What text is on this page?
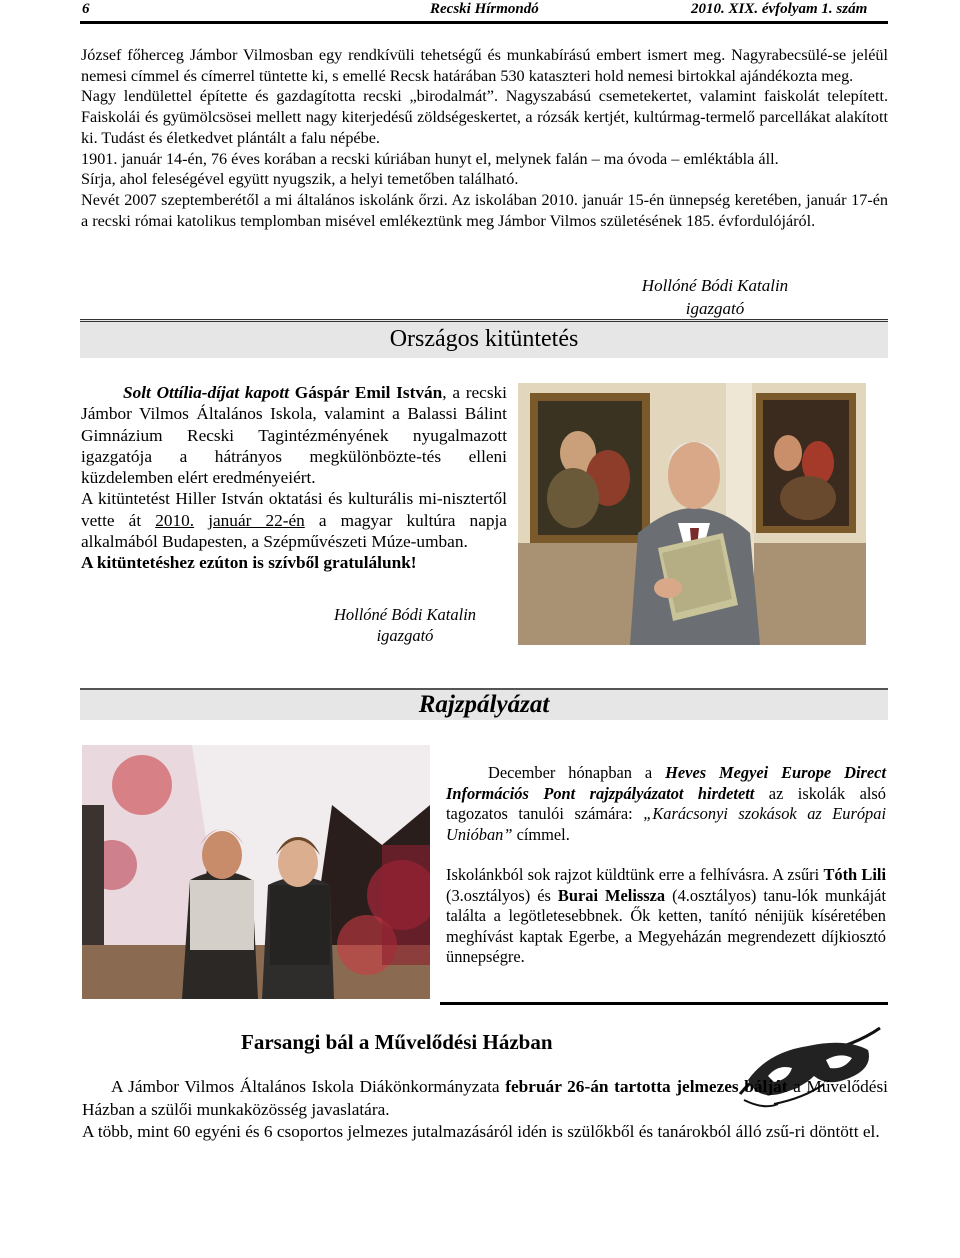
6	Recski Hírmondó	2010. XIX. évfolyam 1. szám

József főherceg Jámbor Vilmosban egy rendkívüli tehetségű és munkabírású embert ismert meg. Nagyrabecsülé-se jeléül nemesi címmel és címerrel tüntette ki, s emellé Recsk határában 530 kataszteri hold nemesi birtokkal ajándékozta meg.

Nagy lendülettel építette és gazdagította recski „birodalmát”. Nagyszabású csemetekertet, valamint faiskolát telepített. Faiskolái és gyümölcsösei mellett nagy kiterjedésű zöldségeskertet, a rózsák kertjét, kultúrmag-termelő parcellákat alakított ki. Tudást és életkedvet plántált a falu népébe.

1901. január 14-én, 76 éves korában a recski kúriában hunyt el, melynek falán – ma óvoda – emléktábla áll.

Sírja, ahol feleségével együtt nyugszik, a helyi temetőben található.

Nevét 2007 szeptemberétől a mi általános iskolánk őrzi. Az iskolában 2010. január 15-én ünnepség keretében, január 17-én a recski római katolikus templomban misével emlékeztünk meg Jámbor Vilmos születésének 185. évfordulójáról.

Hollóné Bódi Katalin
igazgató
Országos kitüntetés

Solt Ottília-díjat kapott Gáspár Emil István, a recski Jámbor Vilmos Általános Iskola, valamint a Balassi Bálint Gimnázium Recski Tagintézményének nyugalmazott igazgatója a hátrányos megkülönbözte-tés elleni küzdelemben elért eredményeiért.

A kitüntetést Hiller István oktatási és kulturális mi-nisztertől vette át 2010. január 22-én a magyar kultúra napja alkalmából Budapesten, a Szépművészeti Múze-umban.

A kitüntetéshez ezúton is szívből gratulálunk!

Hollóné Bódi Katalin
igazgató
Rajzpályázat

December hónapban a Heves Megyei Europe Direct Információs Pont rajzpályázatot hirdetett az iskolák alsó tagozatos tanulói számára: „Karácsonyi szokások az Európai Unióban” címmel.

Iskolánkból sok rajzot küldtünk erre a felhívásra. A zsűri Tóth Lili (3.osztályos) és Burai Melissza (4.osztályos) tanu-lók munkáját találta a legötletesebbnek. Ők ketten, tanító nénijük kíséretében meghívást kaptak Egerbe, a Megyeházán megrendezett díjkiosztó ünnepségre.

Farsangi bál a Művelődési Házban

A Jámbor Vilmos Általános Iskola Diákönkormányzata február 26-án tartotta jelmezes bálját a Művelődési Házban a szülői munkaközösség javaslatára.

A több, mint 60 egyéni és 6 csoportos jelmezes jutalmazásáról idén is szülőkből és tanárokból álló zsű-ri döntött el.
